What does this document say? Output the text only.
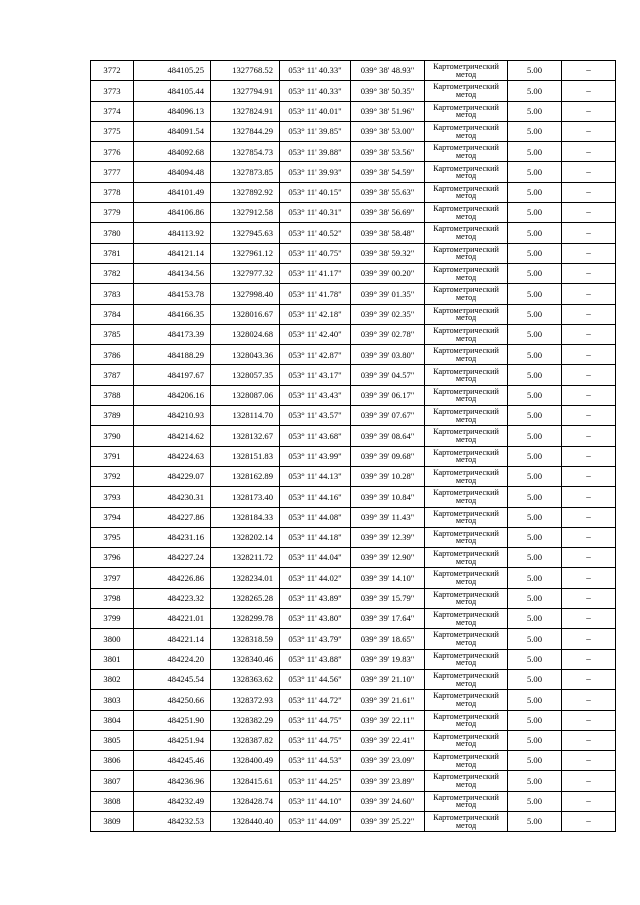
3772	484105.25	1327768.52	053° 11' 40.33"	039° 38' 48.93"	Картометрический метод	5.00	–
3773	484105.44	1327794.91	053° 11' 40.33"	039° 38' 50.35"	Картометрический метод	5.00	–
3774	484096.13	1327824.91	053° 11' 40.01"	039° 38' 51.96"	Картометрический метод	5.00	–
3775	484091.54	1327844.29	053° 11' 39.85"	039° 38' 53.00"	Картометрический метод	5.00	–
3776	484092.68	1327854.73	053° 11' 39.88"	039° 38' 53.56"	Картометрический метод	5.00	–
3777	484094.48	1327873.85	053° 11' 39.93"	039° 38' 54.59"	Картометрический метод	5.00	–
3778	484101.49	1327892.92	053° 11' 40.15"	039° 38' 55.63"	Картометрический метод	5.00	–
3779	484106.86	1327912.58	053° 11' 40.31"	039° 38' 56.69"	Картометрический метод	5.00	–
3780	484113.92	1327945.63	053° 11' 40.52"	039° 38' 58.48"	Картометрический метод	5.00	–
3781	484121.14	1327961.12	053° 11' 40.75"	039° 38' 59.32"	Картометрический метод	5.00	–
3782	484134.56	1327977.32	053° 11' 41.17"	039° 39' 00.20"	Картометрический метод	5.00	–
3783	484153.78	1327998.40	053° 11' 41.78"	039° 39' 01.35"	Картометрический метод	5.00	–
3784	484166.35	1328016.67	053° 11' 42.18"	039° 39' 02.35"	Картометрический метод	5.00	–
3785	484173.39	1328024.68	053° 11' 42.40"	039° 39' 02.78"	Картометрический метод	5.00	–
3786	484188.29	1328043.36	053° 11' 42.87"	039° 39' 03.80"	Картометрический метод	5.00	–
3787	484197.67	1328057.35	053° 11' 43.17"	039° 39' 04.57"	Картометрический метод	5.00	–
3788	484206.16	1328087.06	053° 11' 43.43"	039° 39' 06.17"	Картометрический метод	5.00	–
3789	484210.93	1328114.70	053° 11' 43.57"	039° 39' 07.67"	Картометрический метод	5.00	–
3790	484214.62	1328132.67	053° 11' 43.68"	039° 39' 08.64"	Картометрический метод	5.00	–
3791	484224.63	1328151.83	053° 11' 43.99"	039° 39' 09.68"	Картометрический метод	5.00	–
3792	484229.07	1328162.89	053° 11' 44.13"	039° 39' 10.28"	Картометрический метод	5.00	–
3793	484230.31	1328173.40	053° 11' 44.16"	039° 39' 10.84"	Картометрический метод	5.00	–
3794	484227.86	1328184.33	053° 11' 44.08"	039° 39' 11.43"	Картометрический метод	5.00	–
3795	484231.16	1328202.14	053° 11' 44.18"	039° 39' 12.39"	Картометрический метод	5.00	–
3796	484227.24	1328211.72	053° 11' 44.04"	039° 39' 12.90"	Картометрический метод	5.00	–
3797	484226.86	1328234.01	053° 11' 44.02"	039° 39' 14.10"	Картометрический метод	5.00	–
3798	484223.32	1328265.28	053° 11' 43.89"	039° 39' 15.79"	Картометрический метод	5.00	–
3799	484221.01	1328299.78	053° 11' 43.80"	039° 39' 17.64"	Картометрический метод	5.00	–
3800	484221.14	1328318.59	053° 11' 43.79"	039° 39' 18.65"	Картометрический метод	5.00	–
3801	484224.20	1328340.46	053° 11' 43.88"	039° 39' 19.83"	Картометрический метод	5.00	–
3802	484245.54	1328363.62	053° 11' 44.56"	039° 39' 21.10"	Картометрический метод	5.00	–
3803	484250.66	1328372.93	053° 11' 44.72"	039° 39' 21.61"	Картометрический метод	5.00	–
3804	484251.90	1328382.29	053° 11' 44.75"	039° 39' 22.11"	Картометрический метод	5.00	–
3805	484251.94	1328387.82	053° 11' 44.75"	039° 39' 22.41"	Картометрический метод	5.00	–
3806	484245.46	1328400.49	053° 11' 44.53"	039° 39' 23.09"	Картометрический метод	5.00	–
3807	484236.96	1328415.61	053° 11' 44.25"	039° 39' 23.89"	Картометрический метод	5.00	–
3808	484232.49	1328428.74	053° 11' 44.10"	039° 39' 24.60"	Картометрический метод	5.00	–
3809	484232.53	1328440.40	053° 11' 44.09"	039° 39' 25.22"	Картометрический метод	5.00	–
